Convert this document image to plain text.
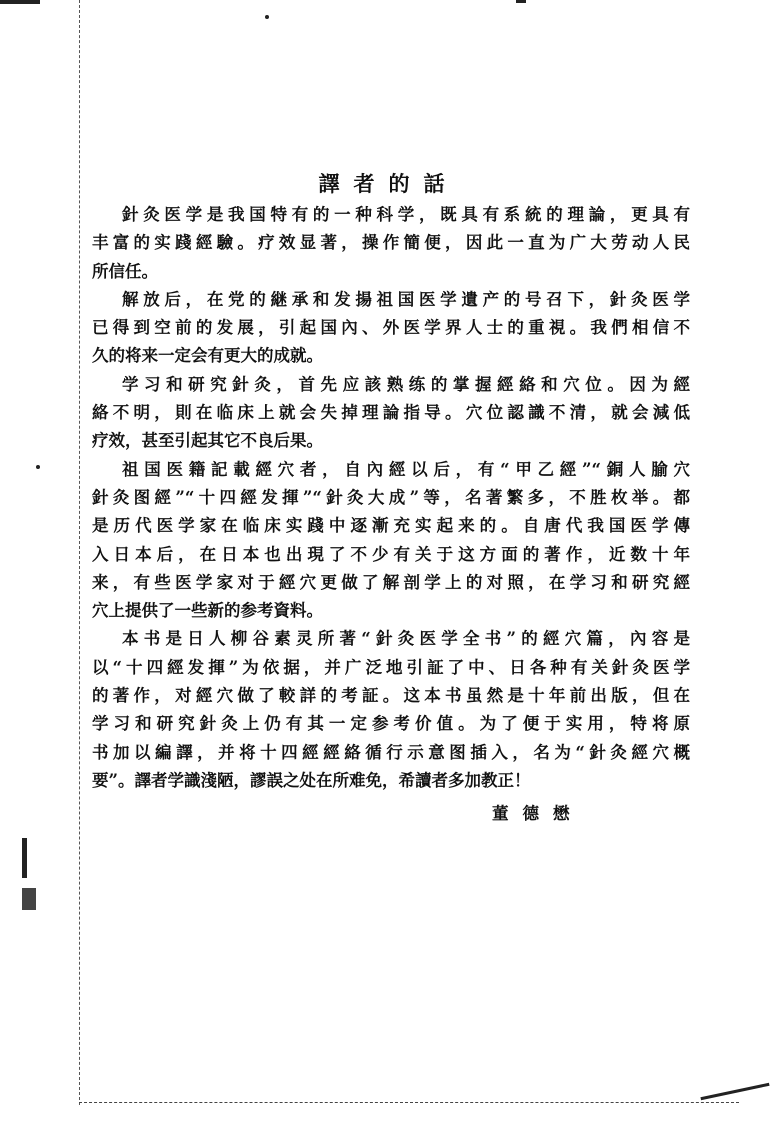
譯者的話
針灸医学是我国特有的一种科学，既具有系統的理論，更具有
丰富的实踐經驗。疗效显著，操作簡便，因此一直为广大劳动人民
所信任。
解放后，在党的継承和发揚祖国医学遺产的号召下，針灸医学
已得到空前的发展，引起国內、外医学界人士的重視。我們相信不
久的将来一定会有更大的成就。
学习和研究針灸，首先应該熟练的掌握經絡和穴位。因为經
絡不明，則在临床上就会失掉理論指导。穴位認識不清，就会減低
疗效，甚至引起其它不良后果。
祖国医籍記載經穴者，自內經以后，有“甲乙經”“銅人腧穴
針灸图經”“十四經发揮”“針灸大成”等，名著繁多，不胜枚举。都
是历代医学家在临床实踐中逐漸充实起来的。自唐代我国医学傳
入日本后，在日本也出現了不少有关于这方面的著作，近数十年
来，有些医学家对于經穴更做了解剖学上的对照，在学习和研究經
穴上提供了一些新的参考資料。
本书是日人柳谷素灵所著“針灸医学全书”的經穴篇，內容是
以“十四經发揮”为依据，并广泛地引証了中、日各种有关針灸医学
的著作，对經穴做了較詳的考証。这本书虽然是十年前出版，但在
学习和研究針灸上仍有其一定参考价值。为了便于实用，特将原
书加以編譯，并将十四經經絡循行示意图插入，名为“針灸經穴概
要”。譯者学識淺陋，謬誤之处在所难免，希讀者多加教正！
董德懋
